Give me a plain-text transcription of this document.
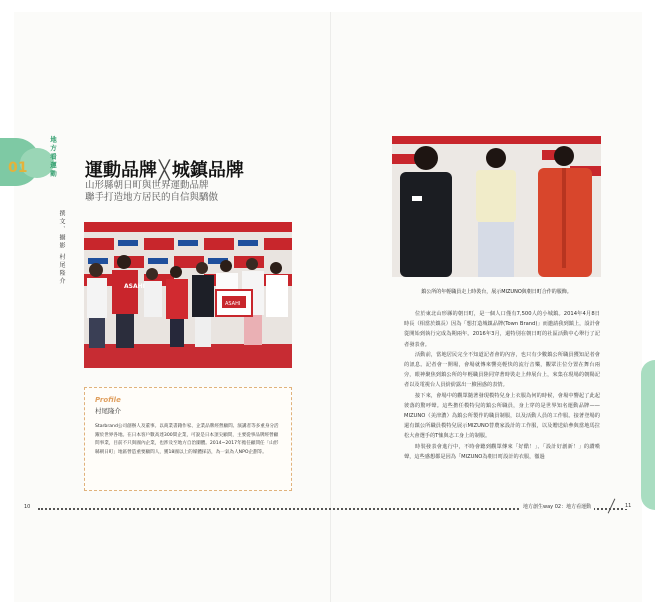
01	地方看運動
撰文、攝影 村尾隆介
運動品牌 ╳ 城鎮品牌
山形縣朝日町與世界運動品牌
聯手打造地方居民的自信與驕傲
ASAHI
ASAHI
Profile
村尾隆介
Starbrand公司創辦人及董事。以商業書籍作家、企業品牌經營顧問、演講者等多重身分活躍於世界各地。在日本客戶數高達300間企業，可說是日本頂尖顧問，主要從事品牌經營顧問事業，目前不只與國內企業，也涉及至地方自治團體。2014~2017年擔任顧問任「山形縣朝日町」地區營造重要顧問人，獲18國以上的媒體採訪，為一氣為人NPO企劃等。
鎮公所的年輕職員走上時裝台，展示MIZUNO與朝日町合作的服飾。

位於東北山形縣的朝日町，是一個人口僅有7,500人的小城鎮。2014年4月8日時長（相當於鎮長）因為「想打造城鎮品牌(Town Brand)」而邀請我到鎮上，設計會從開始到執行完成為期兩年。2016年3月，還特別在朝日町的社區活動中心舉行了記者發表會。

活動前，當地居民完全不知道記者會的內容，也只有少數鎮公所職員獲知記者會的訊息。記者會一開場，會場就傳來響亮輕快的流行音樂，觀眾注位分置在舞台兩旁，眼神聚焦到鎮公所的年輕職員陸同穿著時裝走上伸展台上，來集在現場的朝陽記者以及電視台人員紛紛露出一臉困惑的表情。

接下來，會場中的觀眾隨著發現模特兒身上衣服為何的時候，會場中響起了此起彼落的驚呼聲。這些擔任模特兒的鎮公所職員，身上穿的是世界知名運動品牌——MIZUNO（美津濃）為鎮公所製作的職員制服，以及活動人員的工作服。接著登場的還有鎮公所職員模特兒展示MIZUNO替農家設計的工作服，以及贈送給參與當地馬拉松大會選手的T恤與志工身上的制服。

時裝發表會進行中，不時會聽到觀眾傳來「好酷！」、「設計好創新！」的讚嘆聲，這些感想都是因為「MIZUNO為朝日町設計的衣服，徹過

10	地方創生way 02：地方看運動	11
